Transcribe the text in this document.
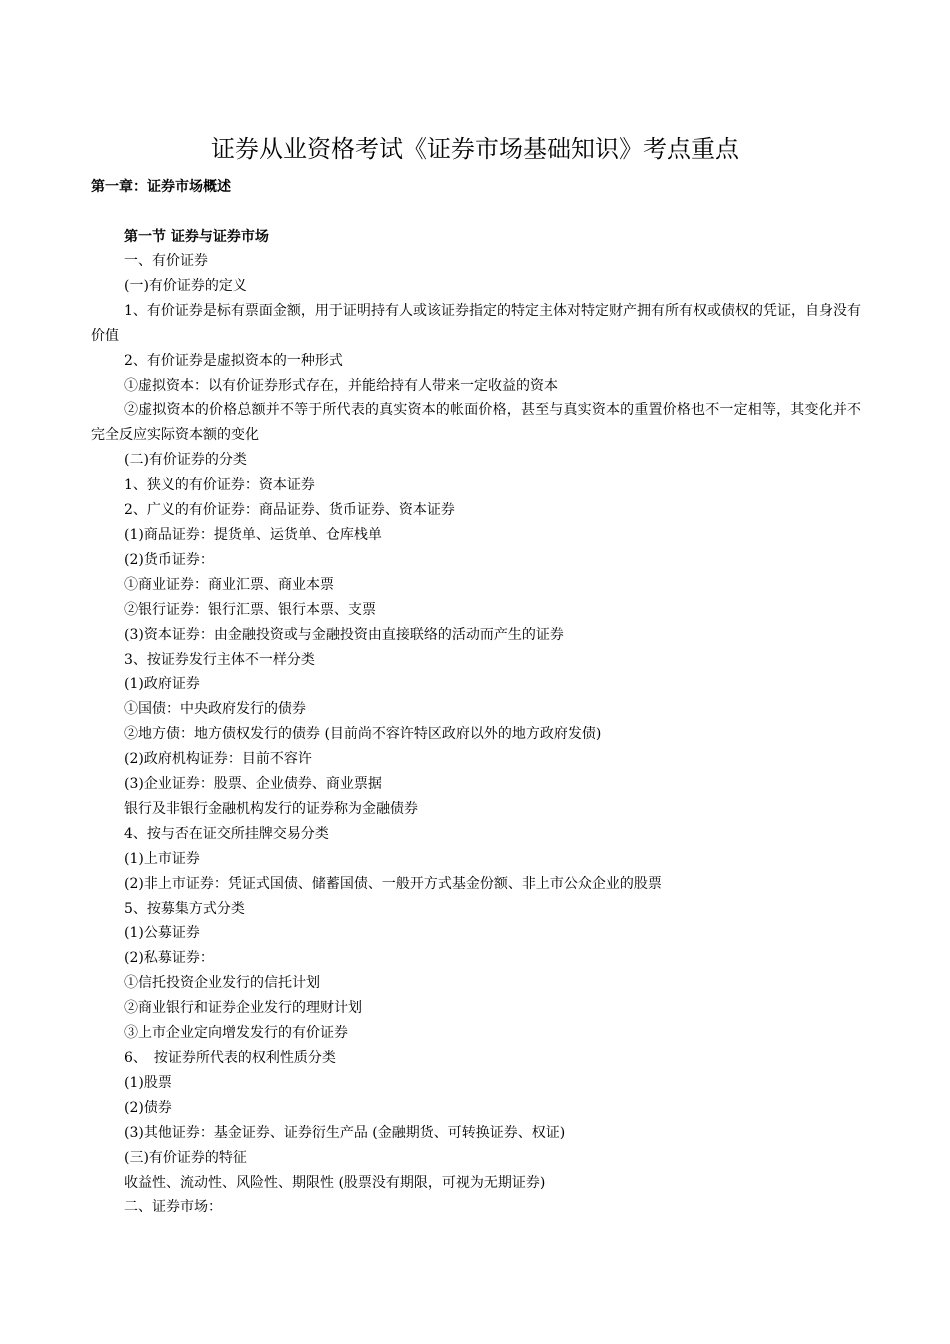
证券从业资格考试《证券市场基础知识》考点重点
第一章：证券市场概述
第一节 证券与证券市场

一、有价证券

(一)有价证券的定义

1、有价证券是标有票面金额，用于证明持有人或该证券指定的特定主体对特定财产拥有所有权或债权的凭证，自身没有价值

2、有价证券是虚拟资本的一种形式

①虚拟资本：以有价证券形式存在，并能给持有人带来一定收益的资本

②虚拟资本的价格总额并不等于所代表的真实资本的帐面价格，甚至与真实资本的重置价格也不一定相等，其变化并不完全反应实际资本额的变化

(二)有价证券的分类

1、狭义的有价证券：资本证券

2、广义的有价证券：商品证券、货币证券、资本证券

(1)商品证券：提货单、运货单、仓库栈单

(2)货币证券：

①商业证券：商业汇票、商业本票

②银行证券：银行汇票、银行本票、支票

(3)资本证券：由金融投资或与金融投资由直接联络的活动而产生的证券

3、按证券发行主体不一样分类

(1)政府证券

①国债：中央政府发行的债券

②地方债：地方债权发行的债券 (目前尚不容许特区政府以外的地方政府发债)

(2)政府机构证券：目前不容许

(3)企业证券：股票、企业债券、商业票据

银行及非银行金融机构发行的证券称为金融债券

4、按与否在证交所挂牌交易分类

(1)上市证券

(2)非上市证券：凭证式国债、储蓄国债、一般开方式基金份额、非上市公众企业的股票

5、按募集方式分类

(1)公募证券

(2)私募证券：

①信托投资企业发行的信托计划

②商业银行和证券企业发行的理财计划

③上市企业定向增发发行的有价证券

6、　按证券所代表的权利性质分类

(1)股票

(2)债券

(3)其他证券：基金证券、证券衍生产品 (金融期货、可转换证券、权证)

(三)有价证券的特征

收益性、流动性、风险性、期限性 (股票没有期限，可视为无期证券)

二、证券市场：
